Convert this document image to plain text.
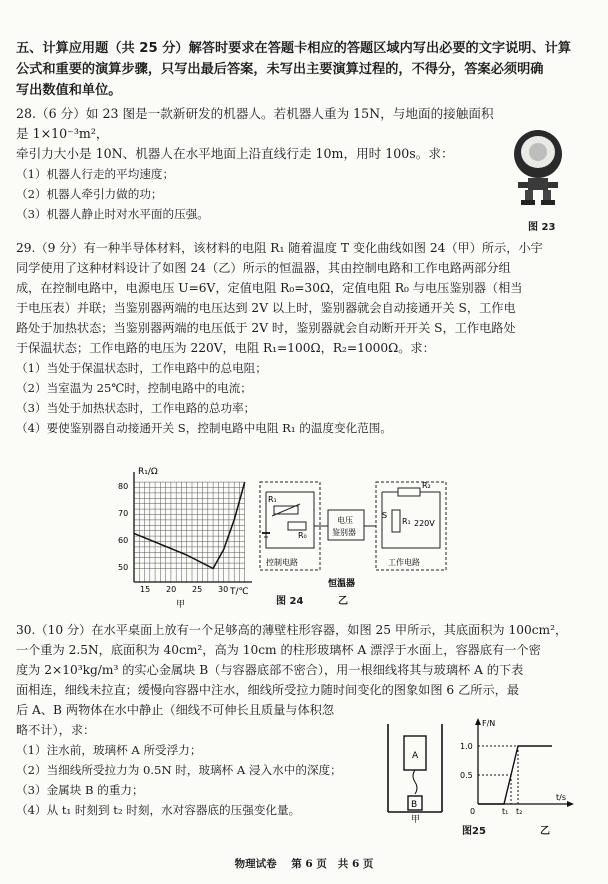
五、计算应用题（共 25 分）解答时要求在答题卡相应的答题区域内写出必要的文字说明、计算
公式和重要的演算步骤，只写出最后答案，未写出主要演算过程的，不得分，答案必须明确
写出数值和单位。
28.（6 分）如 23 图是一款新研发的机器人。若机器人重为 15N，与地面的接触面积是 1×10⁻³m²，
牵引力大小是 10N、机器人在水平地面上沿直线行走 10m，用时 100s。求：
（1）机器人行走的平均速度；
（2）机器人牵引力做的功；
（3）机器人静止时对水平面的压强。
图 23
29.（9 分）有一种半导体材料，该材料的电阻 R₁ 随着温度 T 变化曲线如图 24（甲）所示，小宇
同学使用了这种材料设计了如图 24（乙）所示的恒温器，其由控制电路和工作电路两部分组
成，在控制电路中，电源电压 U=6V，定值电阻 R₀=30Ω，定值电阻 R₀ 与电压鉴别器（相当
于电压表）并联；当鉴别器两端的电压达到 2V 以上时，鉴别器就会自动接通开关 S，工作电
路处于加热状态；当鉴别器两端的电压低于 2V 时，鉴别器就会自动断开开关 S，工作电路处
于保温状态；工作电路的电压为 220V，电阻 R₁=100Ω，R₂=1000Ω。求：
（1）当处于保温状态时，工作电路中的总电阻；
（2）当室温为 25℃时，控制电路中的电流；
（3）当处于加热状态时，工作电路的总功率；
（4）要使鉴别器自动接通开关 S，控制电路中电阻 R₁ 的温度变化范围。
R₁/Ω
T/℃
80
70
60
50
15 20 25 30
甲
R₁
R₀
控制电路
电压
鉴别器
R₂
R₁
S
220V
工作电路
恒温器
图 24	乙
30.（10 分）在水平桌面上放有一个足够高的薄壁柱形容器，如图 25 甲所示，其底面积为 100cm²，
一个重为 2.5N，底面积为 40cm²，高为 10cm 的柱形玻璃杯 A 漂浮于水面上，容器底有一个密
度为 2×10³kg/m³ 的实心金属块 B（与容器底部不密合），用一根细线将其与玻璃杯 A 的下表
面相连，细线未拉直；缓慢向容器中注水，细线所受拉力随时间变化的图象如图 6 乙所示，最
后 A、B 两物体在水中静止（细线不可伸长且质量与体积忽
略不计），求：
（1）注水前，玻璃杯 A 所受浮力；
（2）当细线所受拉力为 0.5N 时，玻璃杯 A 浸入水中的深度；
（3）金属块 B 的重力；
（4）从 t₁ 时刻到 t₂ 时刻，水对容器底的压强变化量。
A
B
甲
F/N
t/s
1.0
0.5
t₁ t₂
0
图25	乙
物理试卷 第 6 页 共 6 页
